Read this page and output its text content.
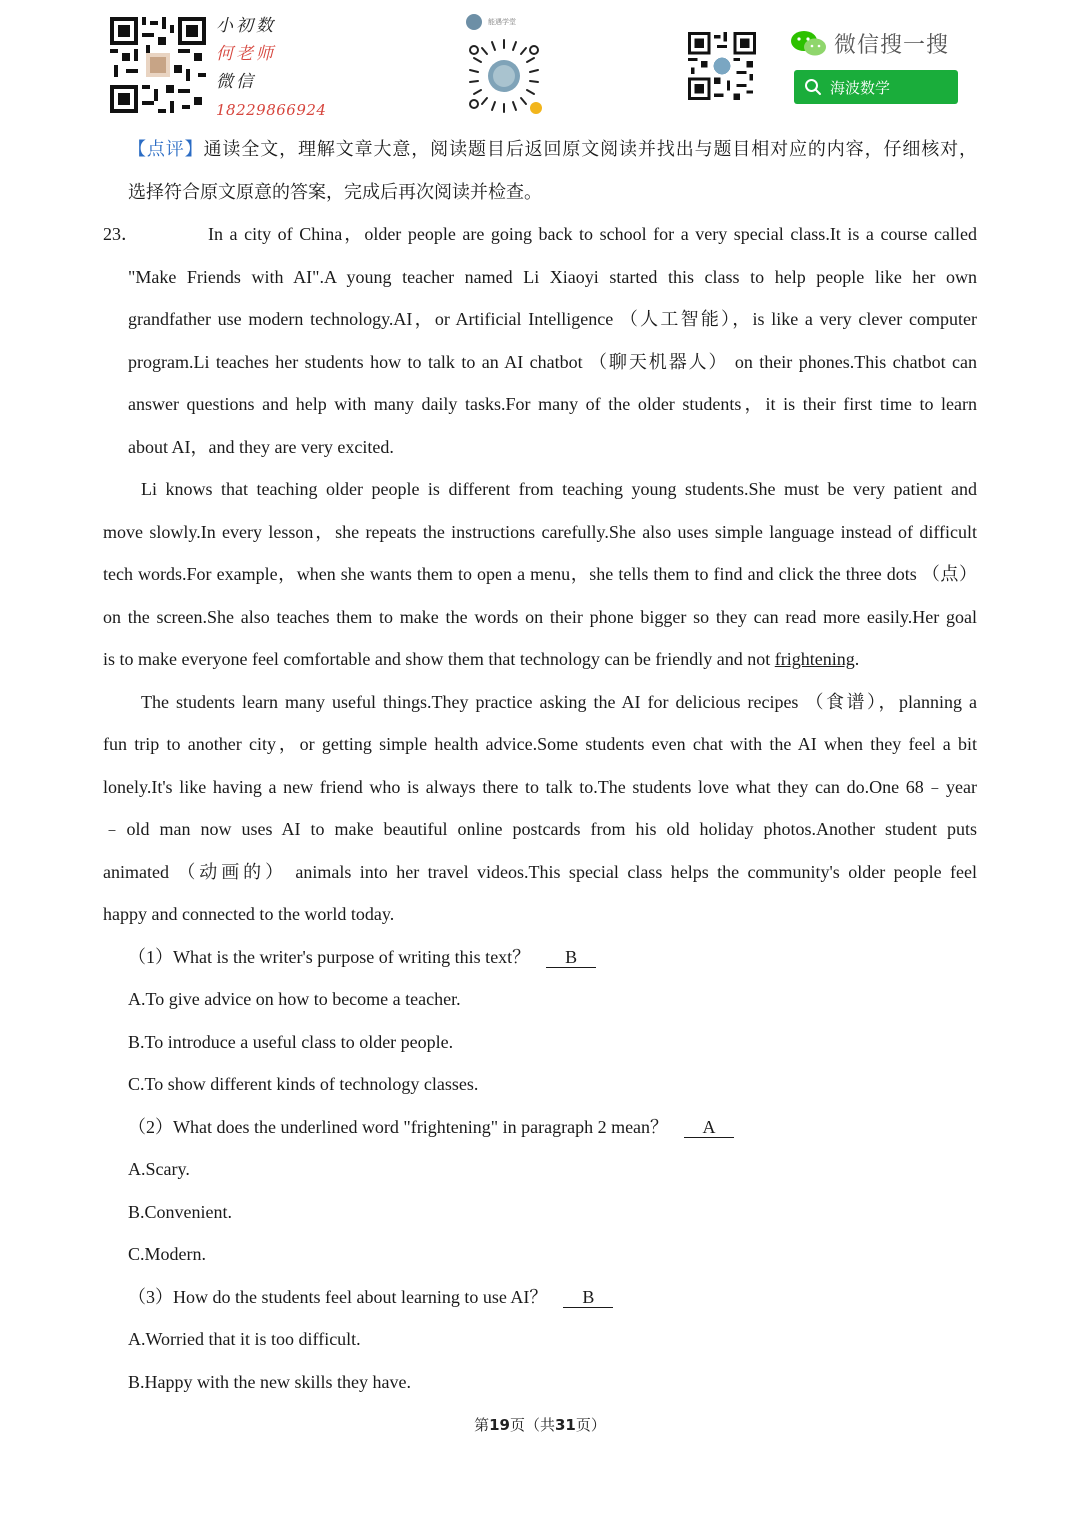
小初数
何老师
微信
18229866924
能遇学堂
微信搜一搜
海波数学
【点评】通读全文，理解文章大意，阅读题目后返回原文阅读并找出与题目相对应的内容，仔细核对，
选择符合原文原意的答案，完成后再次阅读并检查。
23．	In a city of China，older people are going back to school for a very special class.It is a course called
"Make Friends with AI".A young teacher named Li Xiaoyi started this class to help people like her own
grandfather use modern technology.AI，or Artificial Intelligence （人工智能），is like a very clever computer
program.Li teaches her students how to talk to an AI chatbot （聊天机器人） on their phones.This chatbot can
answer questions and help with many daily tasks.For many of the older students，it is their first time to learn
about AI，and they are very excited.
Li knows that teaching older people is different from teaching young students.She must be very patient and
move slowly.In every lesson，she repeats the instructions carefully.She also uses simple language instead of difficult
tech words.For example，when she wants them to open a menu，she tells them to find and click the three dots （点）
on the screen.She also teaches them to make the words on their phone bigger so they can read more easily.Her goal
is to make everyone feel comfortable and show them that technology can be friendly and not frightening.
The students learn many useful things.They practice asking the AI for delicious recipes （食谱），planning a
fun trip to another city，or getting simple health advice.Some students even chat with the AI when they feel a bit
lonely.It's like having a new friend who is always there to talk to.The students love what they can do.One 68﹣year
﹣old man now uses AI to make beautiful online postcards from his old holiday photos.Another student puts
animated （动画的） animals into her travel videos.This special class helps the community's older people feel
happy and connected to the world today.
（1）What is the writer's purpose of writing this text？ B
A.To give advice on how to become a teacher.
B.To introduce a useful class to older people.
C.To show different kinds of technology classes.
（2）What does the underlined word "frightening" in paragraph 2 mean？ A
A.Scary.
B.Convenient.
C.Modern.
（3）How do the students feel about learning to use AI？ B
A.Worried that it is too difficult.
B.Happy with the new skills they have.
第19页（共31页）
